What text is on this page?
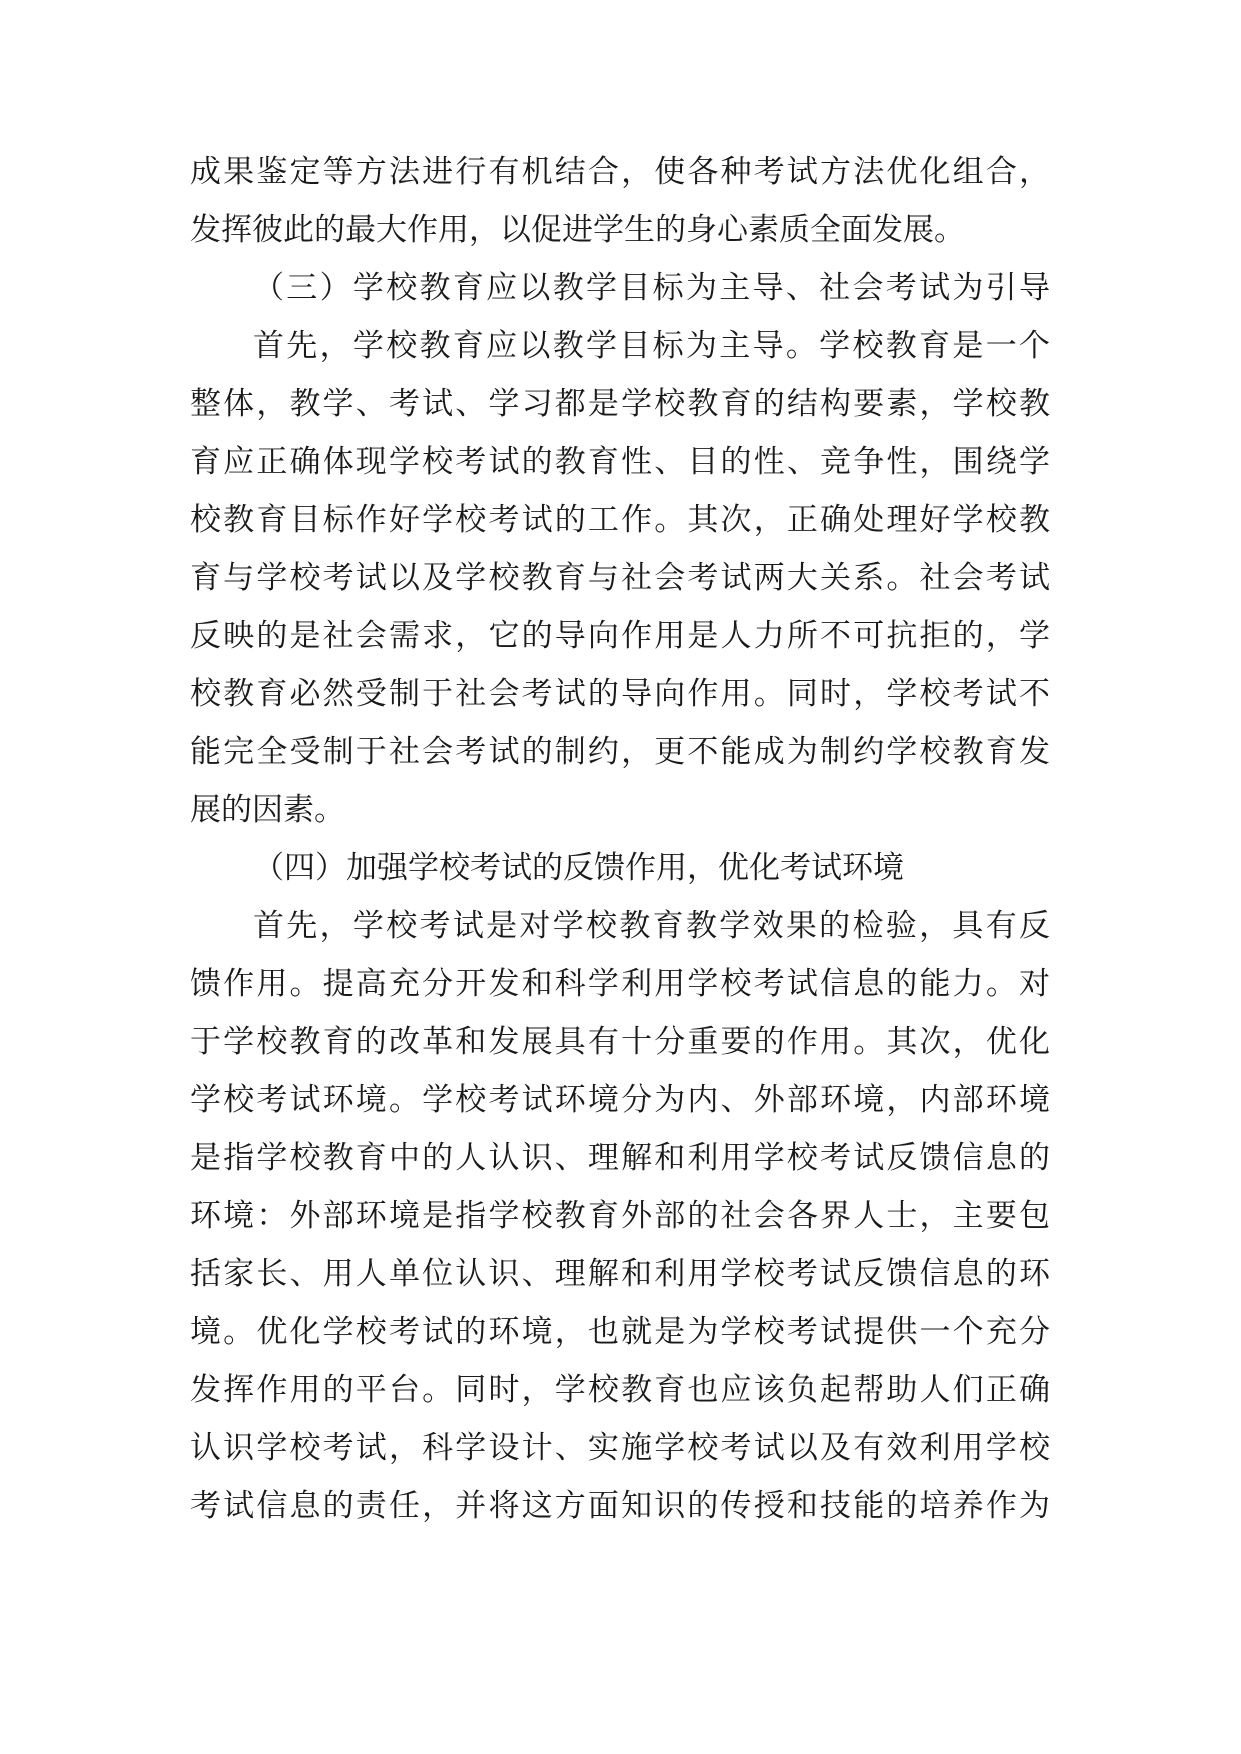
成果鉴定等方法进行有机结合，使各种考试方法优化组合，
发挥彼此的最大作用，以促进学生的身心素质全面发展。
（三）学校教育应以教学目标为主导、社会考试为引导
首先，学校教育应以教学目标为主导。学校教育是一个
整体，教学、考试、学习都是学校教育的结构要素，学校教
育应正确体现学校考试的教育性、目的性、竞争性，围绕学
校教育目标作好学校考试的工作。其次，正确处理好学校教
育与学校考试以及学校教育与社会考试两大关系。社会考试
反映的是社会需求，它的导向作用是人力所不可抗拒的，学
校教育必然受制于社会考试的导向作用。同时，学校考试不
能完全受制于社会考试的制约，更不能成为制约学校教育发
展的因素。
（四）加强学校考试的反馈作用，优化考试环境
首先，学校考试是对学校教育教学效果的检验，具有反
馈作用。提高充分开发和科学利用学校考试信息的能力。对
于学校教育的改革和发展具有十分重要的作用。其次，优化
学校考试环境。学校考试环境分为内、外部环境，内部环境
是指学校教育中的人认识、理解和利用学校考试反馈信息的
环境：外部环境是指学校教育外部的社会各界人士，主要包
括家长、用人单位认识、理解和利用学校考试反馈信息的环
境。优化学校考试的环境，也就是为学校考试提供一个充分
发挥作用的平台。同时，学校教育也应该负起帮助人们正确
认识学校考试，科学设计、实施学校考试以及有效利用学校
考试信息的责任，并将这方面知识的传授和技能的培养作为
